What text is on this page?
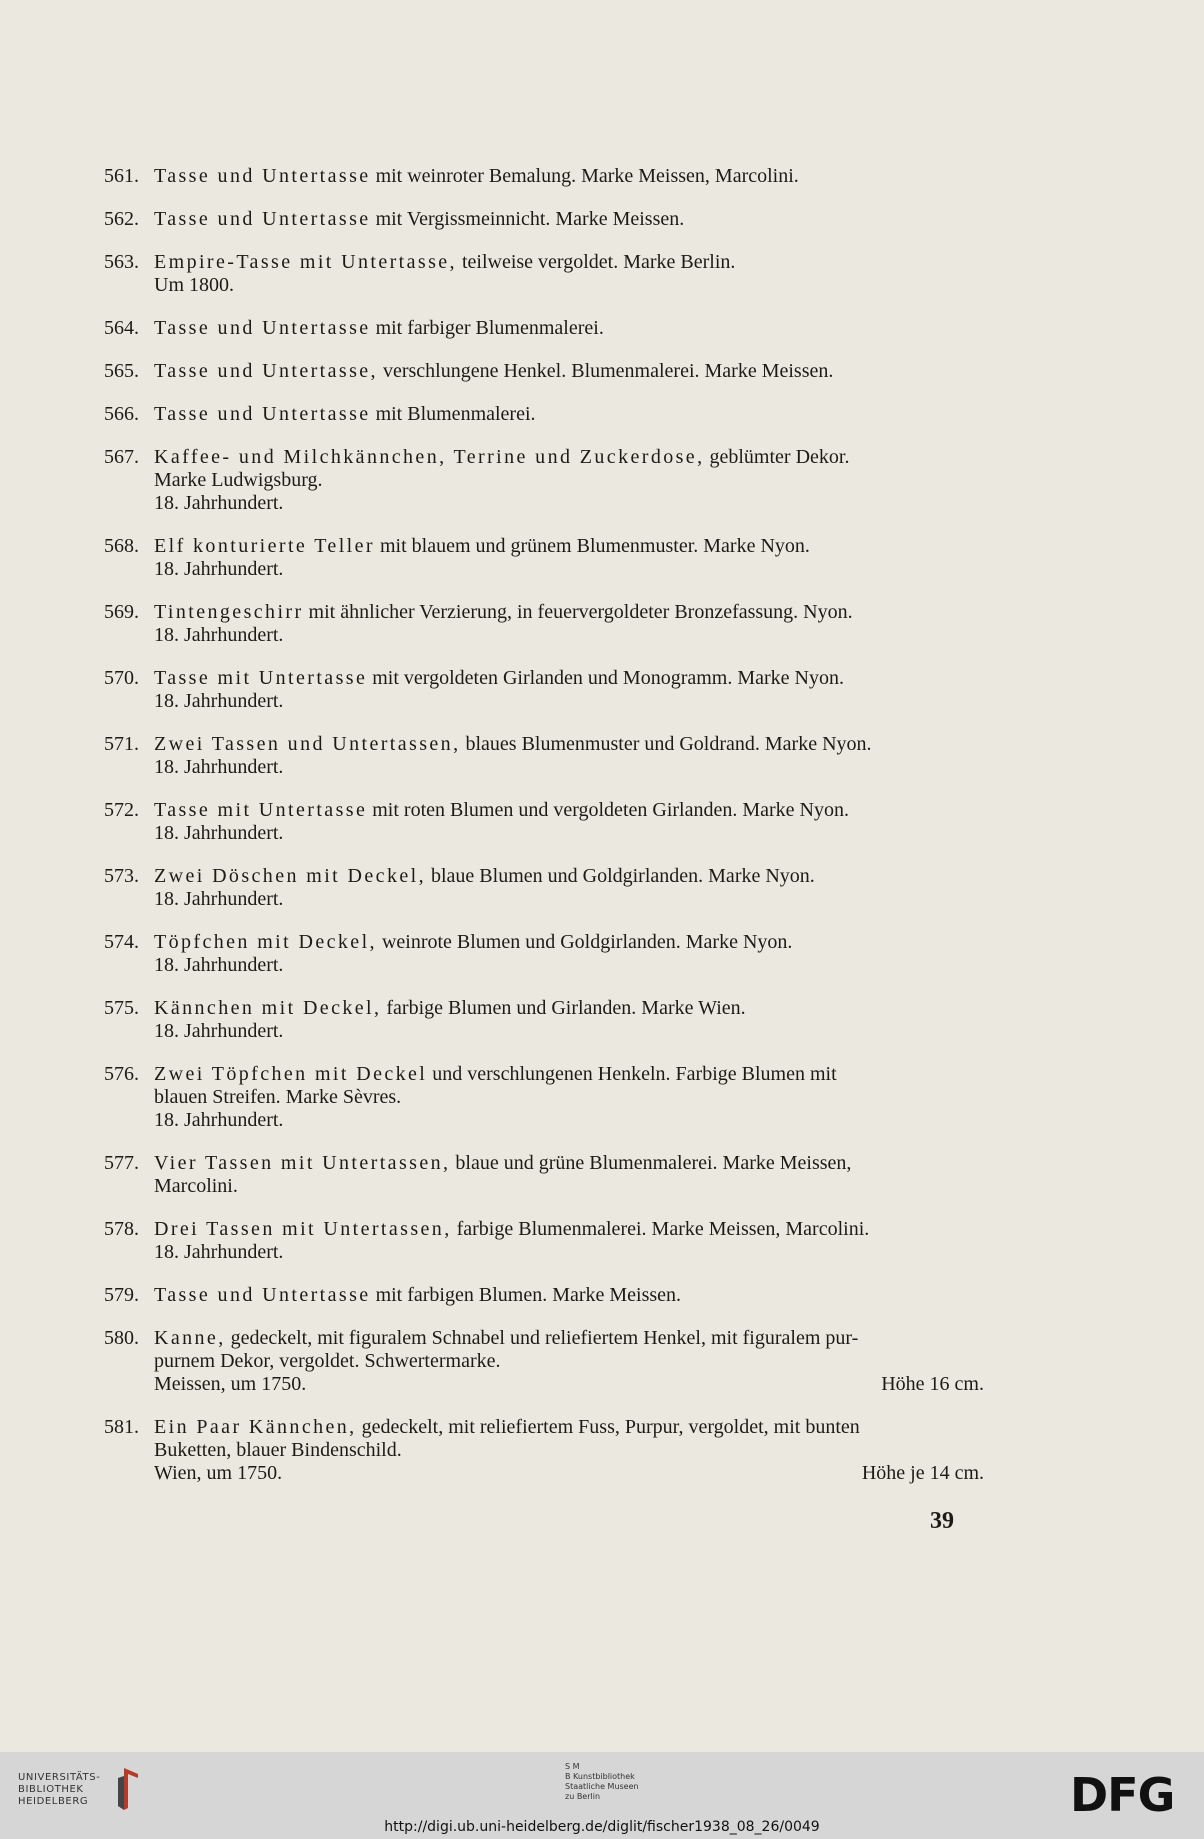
561. Tasse und Untertasse mit weinroter Bemalung. Marke Meissen, Marcolini.
562. Tasse und Untertasse mit Vergissmeinnicht. Marke Meissen.
563. Empire-Tasse mit Untertasse, teilweise vergoldet. Marke Berlin.
Um 1800.
564. Tasse und Untertasse mit farbiger Blumenmalerei.
565. Tasse und Untertasse, verschlungene Henkel. Blumenmalerei. Marke Meissen.
566. Tasse und Untertasse mit Blumenmalerei.
567. Kaffee- und Milchkännchen, Terrine und Zuckerdose, geblümter Dekor.
Marke Ludwigsburg.
18. Jahrhundert.
568. Elf konturierte Teller mit blauem und grünem Blumenmuster. Marke Nyon.
18. Jahrhundert.
569. Tintengeschirr mit ähnlicher Verzierung, in feuervergoldeter Bronzefassung. Nyon.
18. Jahrhundert.
570. Tasse mit Untertasse mit vergoldeten Girlanden und Monogramm. Marke Nyon.
18. Jahrhundert.
571. Zwei Tassen und Untertassen, blaues Blumenmuster und Goldrand. Marke Nyon.
18. Jahrhundert.
572. Tasse mit Untertasse mit roten Blumen und vergoldeten Girlanden. Marke Nyon.
18. Jahrhundert.
573. Zwei Döschen mit Deckel, blaue Blumen und Goldgirlanden. Marke Nyon.
18. Jahrhundert.
574. Töpfchen mit Deckel, weinrote Blumen und Goldgirlanden. Marke Nyon.
18. Jahrhundert.
575. Kännchen mit Deckel, farbige Blumen und Girlanden. Marke Wien.
18. Jahrhundert.
576. Zwei Töpfchen mit Deckel und verschlungenen Henkeln. Farbige Blumen mit
blauen Streifen. Marke Sèvres.
18. Jahrhundert.
577. Vier Tassen mit Untertassen, blaue und grüne Blumenmalerei. Marke Meissen,
Marcolini.
578. Drei Tassen mit Untertassen, farbige Blumenmalerei. Marke Meissen, Marcolini.
18. Jahrhundert.
579. Tasse und Untertasse mit farbigen Blumen. Marke Meissen.
580. Kanne, gedeckelt, mit figuralem Schnabel und reliefiertem Henkel, mit figuralem pur-
purnem Dekor, vergoldet. Schwertermarke.
Meissen, um 1750.	Höhe 16 cm.
581. Ein Paar Kännchen, gedeckelt, mit reliefiertem Fuss, Purpur, vergoldet, mit bunten
Buketten, blauer Bindenschild.
Wien, um 1750.	Höhe je 14 cm.
39
UNIVERSITÄTS-
BIBLIOTHEK
HEIDELBERG
S M
B Kunstbibliothek
Staatliche Museen
zu Berlin	DFG
http://digi.ub.uni-heidelberg.de/diglit/fischer1938_08_26/0049
